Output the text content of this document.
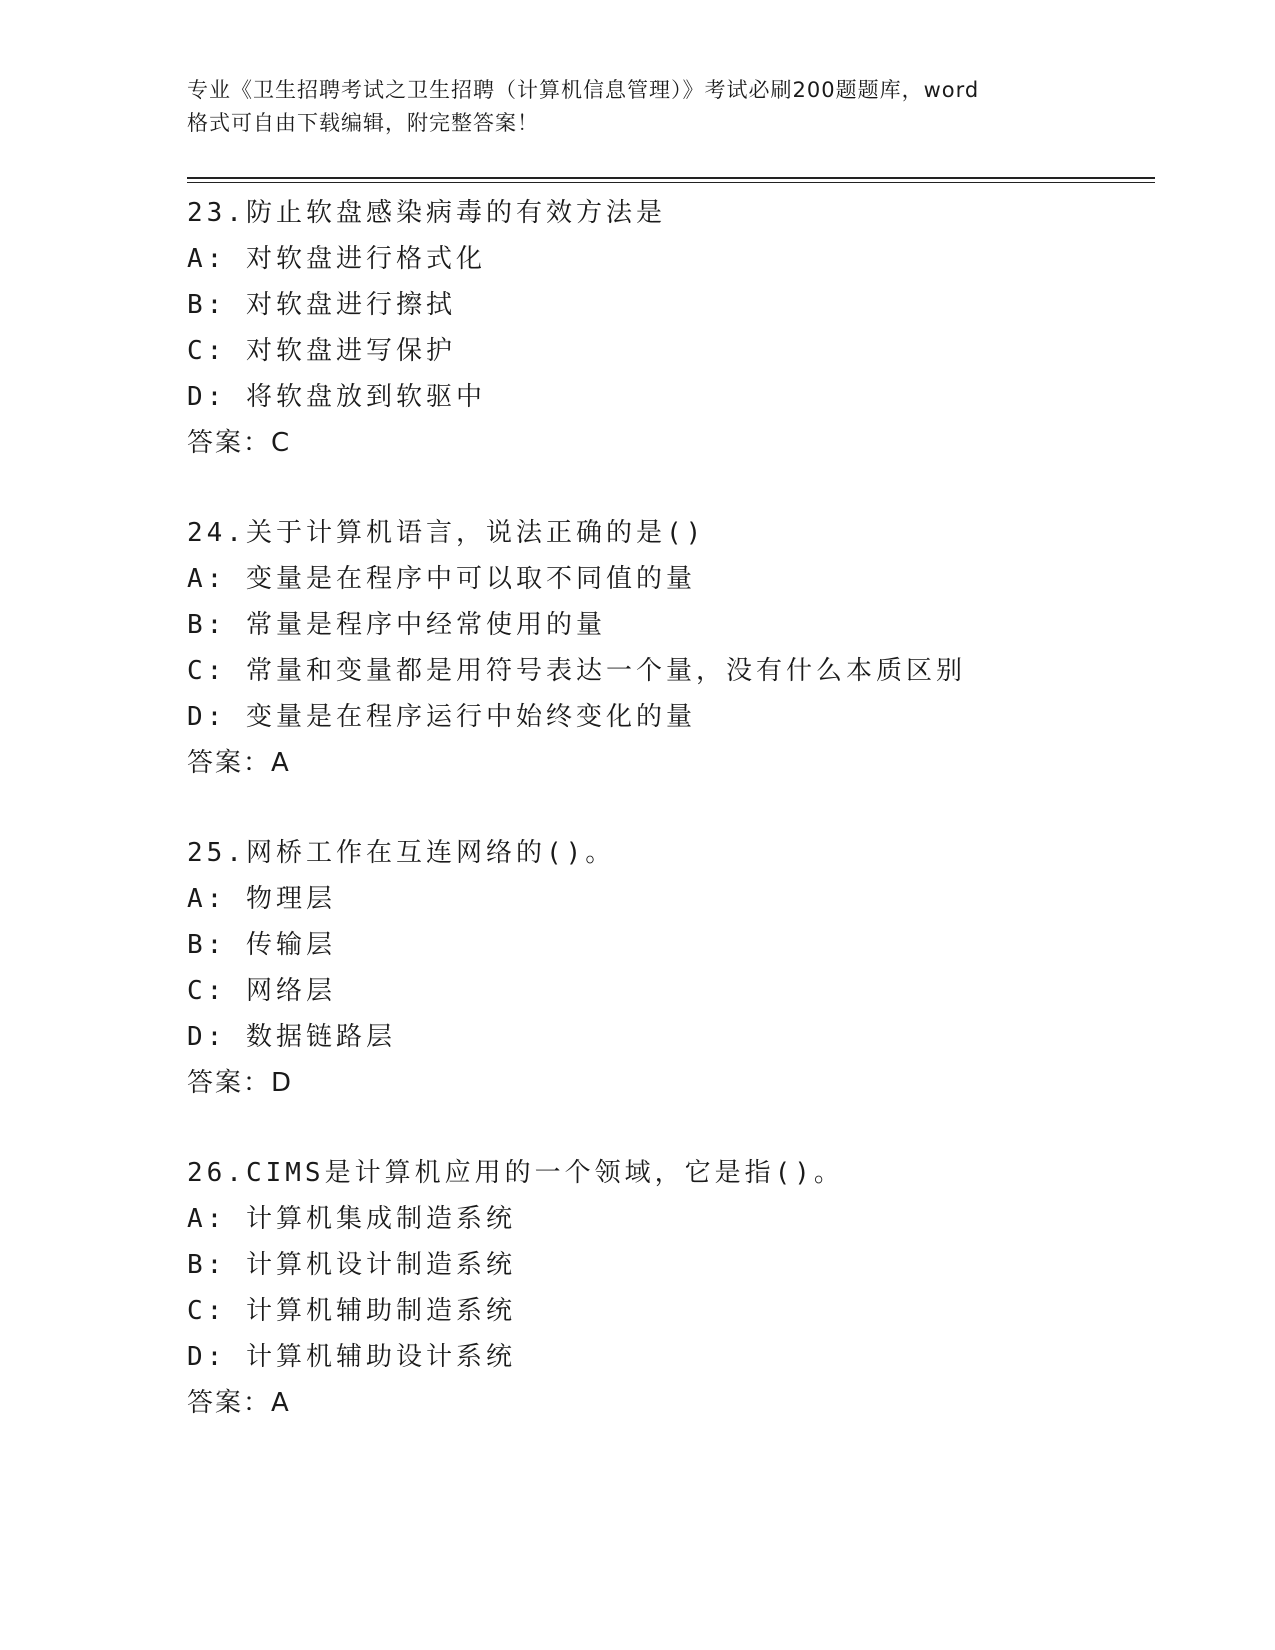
专业《卫生招聘考试之卫生招聘（计算机信息管理）》考试必刷200题题库，word
格式可自由下载编辑，附完整答案！
23.防止软盘感染病毒的有效方法是
A: 对软盘进行格式化
B: 对软盘进行擦拭
C: 对软盘进写保护
D: 将软盘放到软驱中
答案：C
24.关于计算机语言，说法正确的是()
A: 变量是在程序中可以取不同值的量
B: 常量是程序中经常使用的量
C: 常量和变量都是用符号表达一个量，没有什么本质区别
D: 变量是在程序运行中始终变化的量
答案：A
25.网桥工作在互连网络的()。
A: 物理层
B: 传输层
C: 网络层
D: 数据链路层
答案：D
26.CIMS是计算机应用的一个领域，它是指()。
A: 计算机集成制造系统
B: 计算机设计制造系统
C: 计算机辅助制造系统
D: 计算机辅助设计系统
答案：A
